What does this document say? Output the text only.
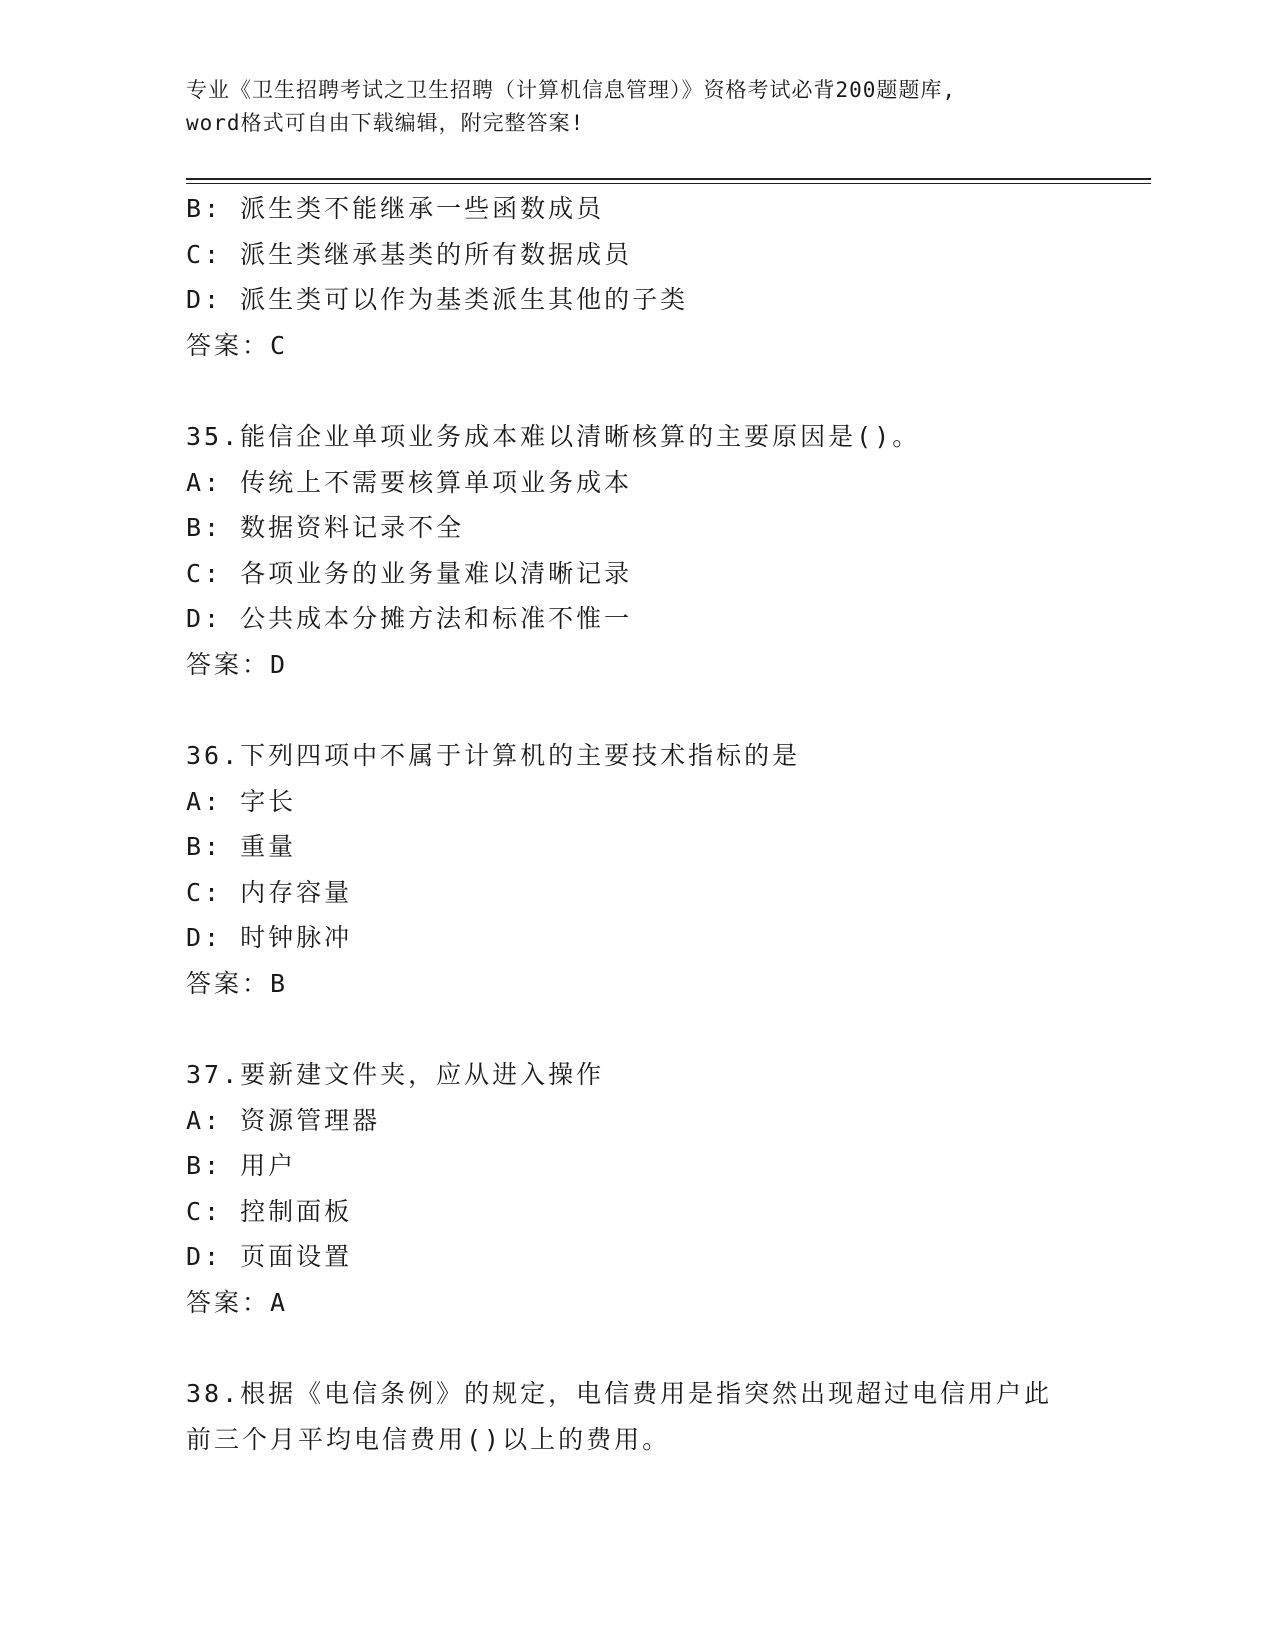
专业《卫生招聘考试之卫生招聘（计算机信息管理）》资格考试必背200题题库,
word格式可自由下载编辑，附完整答案!
B: 派生类不能继承一些函数成员
C: 派生类继承基类的所有数据成员
D: 派生类可以作为基类派生其他的子类
答案：C
35.能信企业单项业务成本难以清晰核算的主要原因是()。
A: 传统上不需要核算单项业务成本
B: 数据资料记录不全
C: 各项业务的业务量难以清晰记录
D: 公共成本分摊方法和标准不惟一
答案：D
36.下列四项中不属于计算机的主要技术指标的是
A: 字长
B: 重量
C: 内存容量
D: 时钟脉冲
答案：B
37.要新建文件夹，应从进入操作
A: 资源管理器
B: 用户
C: 控制面板
D: 页面设置
答案：A
38.根据《电信条例》的规定，电信费用是指突然出现超过电信用户此
前三个月平均电信费用()以上的费用。
